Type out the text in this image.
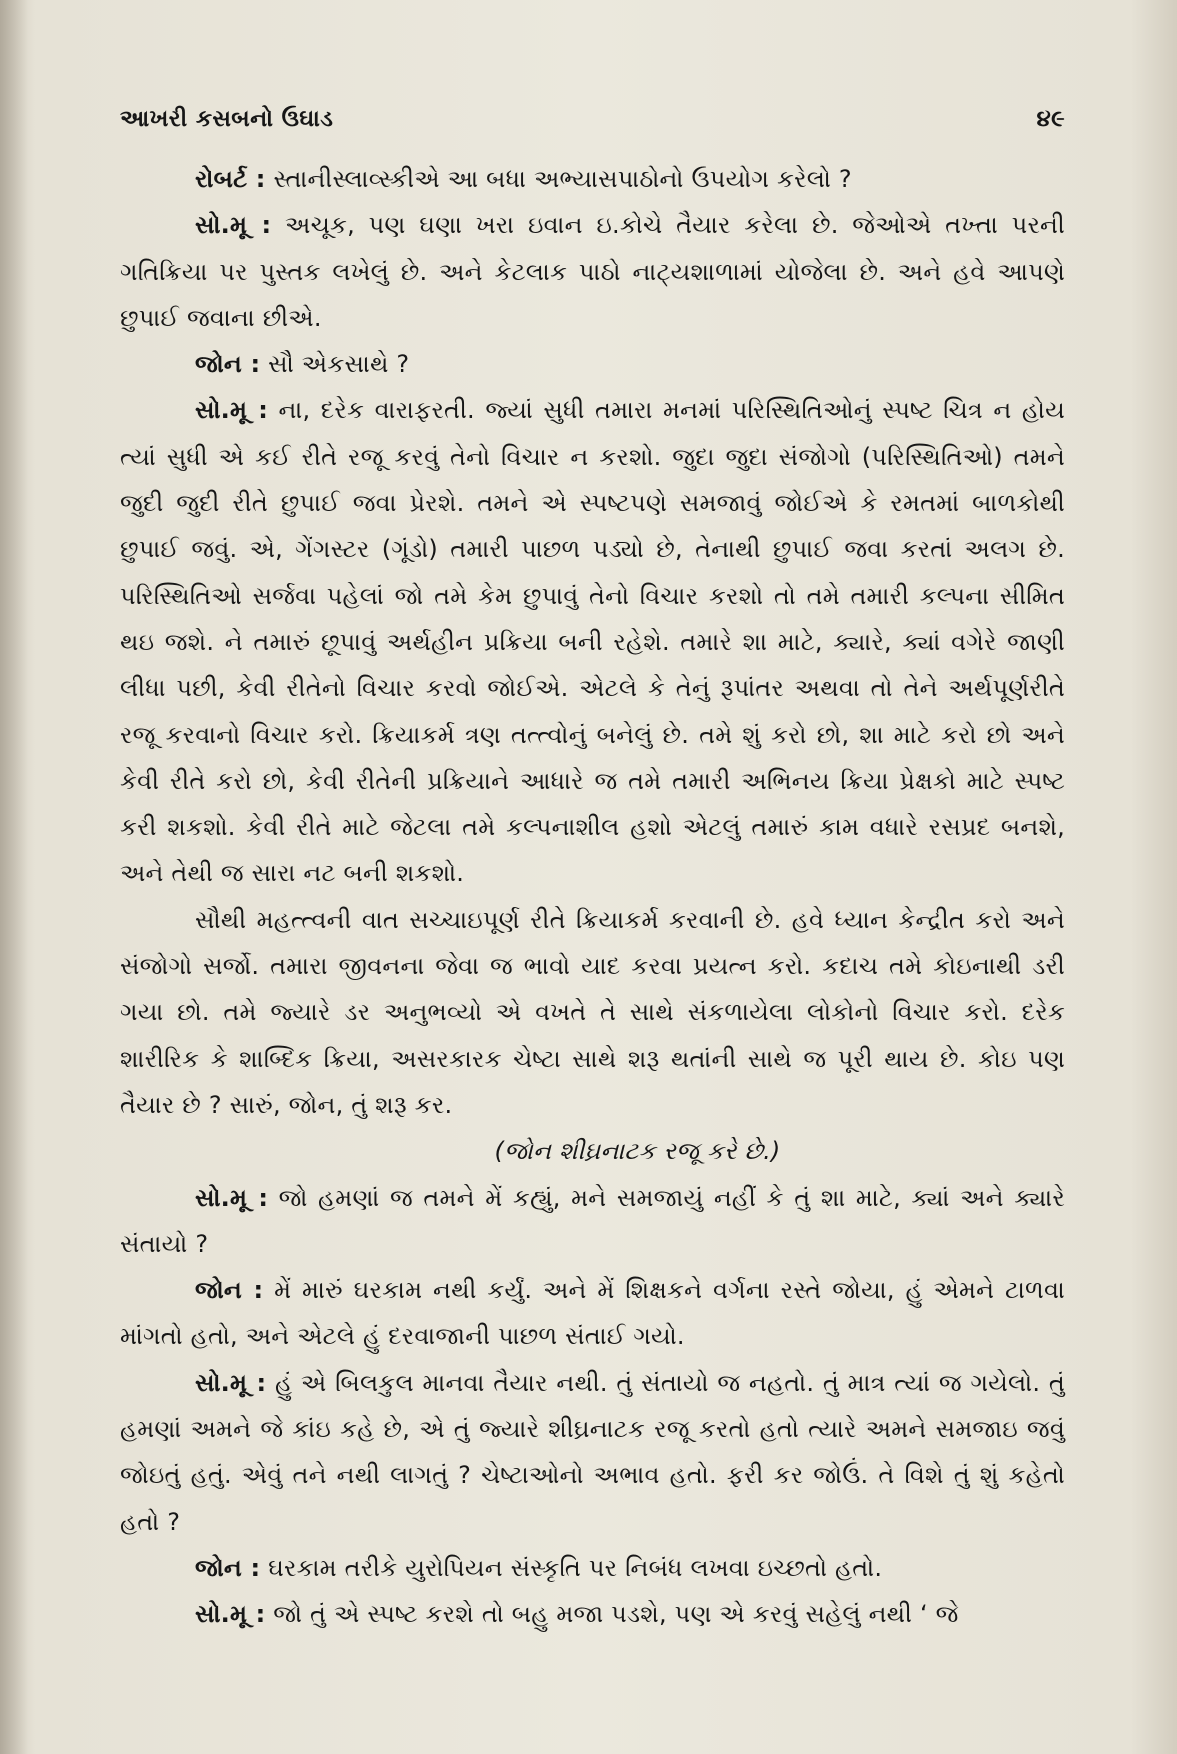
આખરી કસબનો ઉઘાડ	૪૯

રોબર્ટ : સ્તાનીસ્લાવ્સ્કીએ આ બધા અભ્યાસપાઠોનો ઉપયોગ કરેલો ?

સો.મૂ : અચૂક, પણ ઘણા ખરા ઇવાન ઇ.કોચે તૈયાર કરેલા છે. જેઓએ તખ્તા પરની ગતિક્રિયા પર પુસ્તક લખેલું છે. અને કેટલાક પાઠો નાટ્યશાળામાં યોજેલા છે. અને હવે આપણે છુપાઈ જવાના છીએ.

જોન : સૌ એકસાથે ?

સો.મૂ : ના, દરેક વારાફરતી. જ્યાં સુધી તમારા મનમાં પરિસ્થિતિઓનું સ્પષ્ટ ચિત્ર ન હોય ત્યાં સુધી એ કઈ રીતે રજૂ કરવું તેનો વિચાર ન કરશો. જુદા જુદા સંજોગો (પરિસ્થિતિઓ) તમને જુદી જુદી રીતે છુપાઈ જવા પ્રેરશે. તમને એ સ્પષ્ટપણે સમજાવું જોઈએ કે રમતમાં બાળકોથી છુપાઈ જવું. એ, ગેંગસ્ટર (ગૂંડો) તમારી પાછળ પડ્યો છે, તેનાથી છુપાઈ જવા કરતાં અલગ છે. પરિસ્થિતિઓ સર્જવા પહેલાં જો તમે કેમ છુપાવું તેનો વિચાર કરશો તો તમે તમારી કલ્પના સીમિત થઇ જશે. ને તમારું છૂપાવું અર્થહીન પ્રક્રિયા બની રહેશે. તમારે શા માટે, ક્યારે, ક્યાં વગેરે જાણી લીધા પછી, કેવી રીતેનો વિચાર કરવો જોઈએ. એટલે કે તેનું રૂપાંતર અથવા તો તેને અર્થપૂર્ણરીતે રજૂ કરવાનો વિચાર કરો. ક્રિયાકર્મ ત્રણ તત્ત્વોનું બનેલું છે. તમે શું કરો છો, શા માટે કરો છો અને કેવી રીતે કરો છો, કેવી રીતેની પ્રક્રિયાને આધારે જ તમે તમારી અભિનય ક્રિયા પ્રેક્ષકો માટે સ્પષ્ટ કરી શકશો. કેવી રીતે માટે જેટલા તમે કલ્પનાશીલ હશો એટલું તમારું કામ વધારે રસપ્રદ બનશે, અને તેથી જ સારા નટ બની શકશો.

સૌથી મહત્ત્વની વાત સચ્ચાઇપૂર્ણ રીતે ક્રિયાકર્મ કરવાની છે. હવે ધ્યાન કેન્દ્રીત કરો અને સંજોગો સર્જો. તમારા જીવનના જેવા જ ભાવો યાદ કરવા પ્રયત્ન કરો. કદાચ તમે કોઇનાથી ડરી ગયા છો. તમે જ્યારે ડર અનુભવ્યો એ વખતે તે સાથે સંકળાયેલા લોકોનો વિચાર કરો. દરેક શારીરિક કે શાબ્દિક ક્રિયા, અસરકારક ચેષ્ટા સાથે શરૂ થતાંની સાથે જ પૂરી થાય છે. કોઇ પણ તૈયાર છે ? સારું, જોન, તું શરૂ કર.

(જોન શીઘ્રનાટક રજૂ કરે છે.)

સો.મૂ : જો હમણાં જ તમને મેં કહ્યું, મને સમજાયું નહીં કે તું શા માટે, ક્યાં અને ક્યારે સંતાયો ?

જોન : મેં મારું ઘરકામ નથી કર્યું. અને મેં શિક્ષકને વર્ગના રસ્તે જોયા, હું એમને ટાળવા માંગતો હતો, અને એટલે હું દરવાજાની પાછળ સંતાઈ ગયો.

સો.મૂ : હું એ બિલકુલ માનવા તૈયાર નથી. તું સંતાયો જ નહતો. તું માત્ર ત્યાં જ ગયેલો. તું હમણાં અમને જે કાંઇ કહે છે, એ તું જ્યારે શીઘ્રનાટક રજૂ કરતો હતો ત્યારે અમને સમજાઇ જવું જોઇતું હતું. એવું તને નથી લાગતું ? ચેષ્ટાઓનો અભાવ હતો. ફરી કર જોઉં. તે વિશે તું શું કહેતો હતો ?

જોન : ઘરકામ તરીકે યુરોપિયન સંસ્કૃતિ પર નિબંધ લખવા ઇચ્છતો હતો.

સો.મૂ : જો તું એ સ્પષ્ટ કરશે તો બહુ મજા પડશે, પણ એ કરવું સહેલું નથી ‘ જે
